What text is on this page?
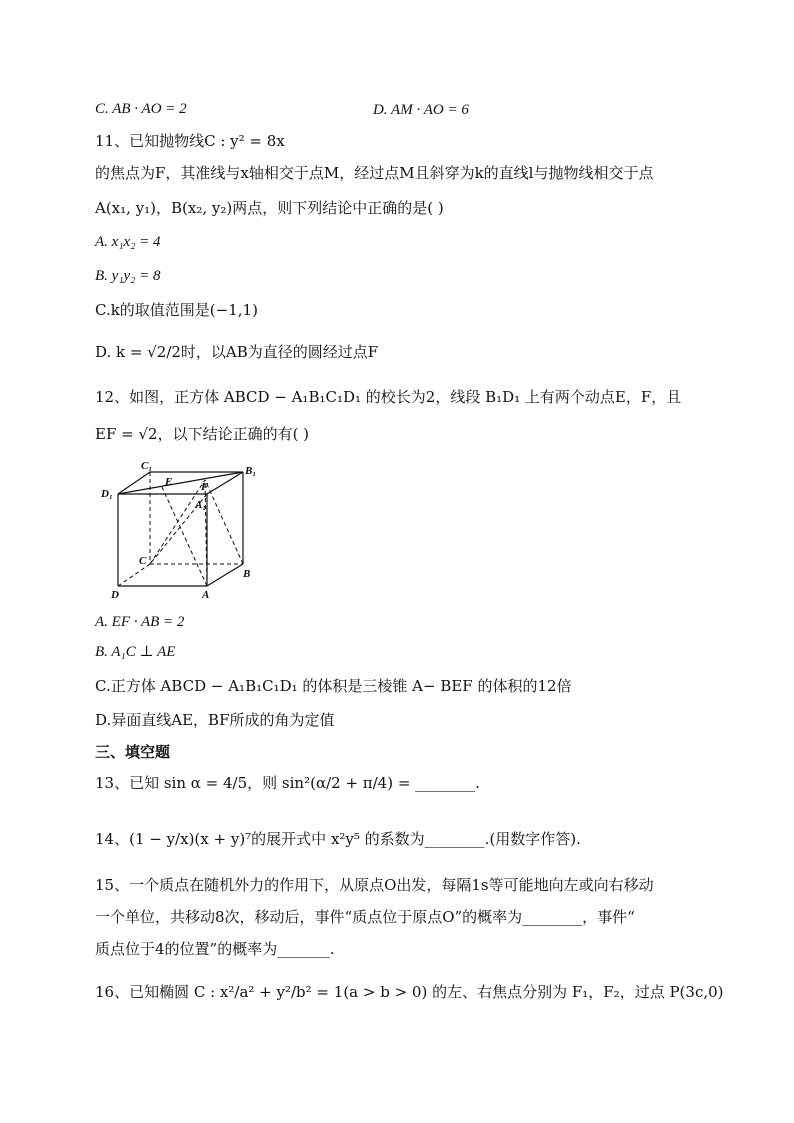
C. AB · AO = 2	D. AM · AO = 6
11、已知抛物线C : y² = 8x
的焦点为F，其准线与x轴相交于点M，经过点M且斜穿为k的直线l与抛物线相交于点
A(x₁, y₁)，B(x₂, y₂)两点，则下列结论中正确的是( )
A. x₁x₂ = 4
B. y₁y₂ = 8
C.k的取值范围是(−1,1)
D. k = √2/2时，以AB为直径的圆经过点F
12、如图，正方体 ABCD − A₁B₁C₁D₁ 的校长为2，线段 B₁D₁ 上有两个动点E，F，且
EF = √2，以下结论正确的有( )
C₁	B₁
D₁
E	F
A₁
C
B
D	A
A. EF · AB = 2
B. A₁C ⊥ AE
C.正方体 ABCD − A₁B₁C₁D₁ 的体积是三棱锥 A− BEF 的体积的12倍
D.异面直线AE，BF所成的角为定值
三、填空题
13、已知 sin α = 4/5，则 sin²(α/2 + π/4) = ________.
14、(1 − y/x)(x + y)⁷的展开式中 x²y⁵ 的系数为________.(用数字作答).
15、一个质点在随机外力的作用下，从原点O出发，每隔1s等可能地向左或向右移动
一个单位，共移动8次，移动后，事件“质点位于原点O”的概率为________，事件“
质点位于4的位置”的概率为_______.
16、已知椭圆 C : x²/a² + y²/b² = 1(a > b > 0) 的左、右焦点分别为 F₁，F₂，过点 P(3c,0)
